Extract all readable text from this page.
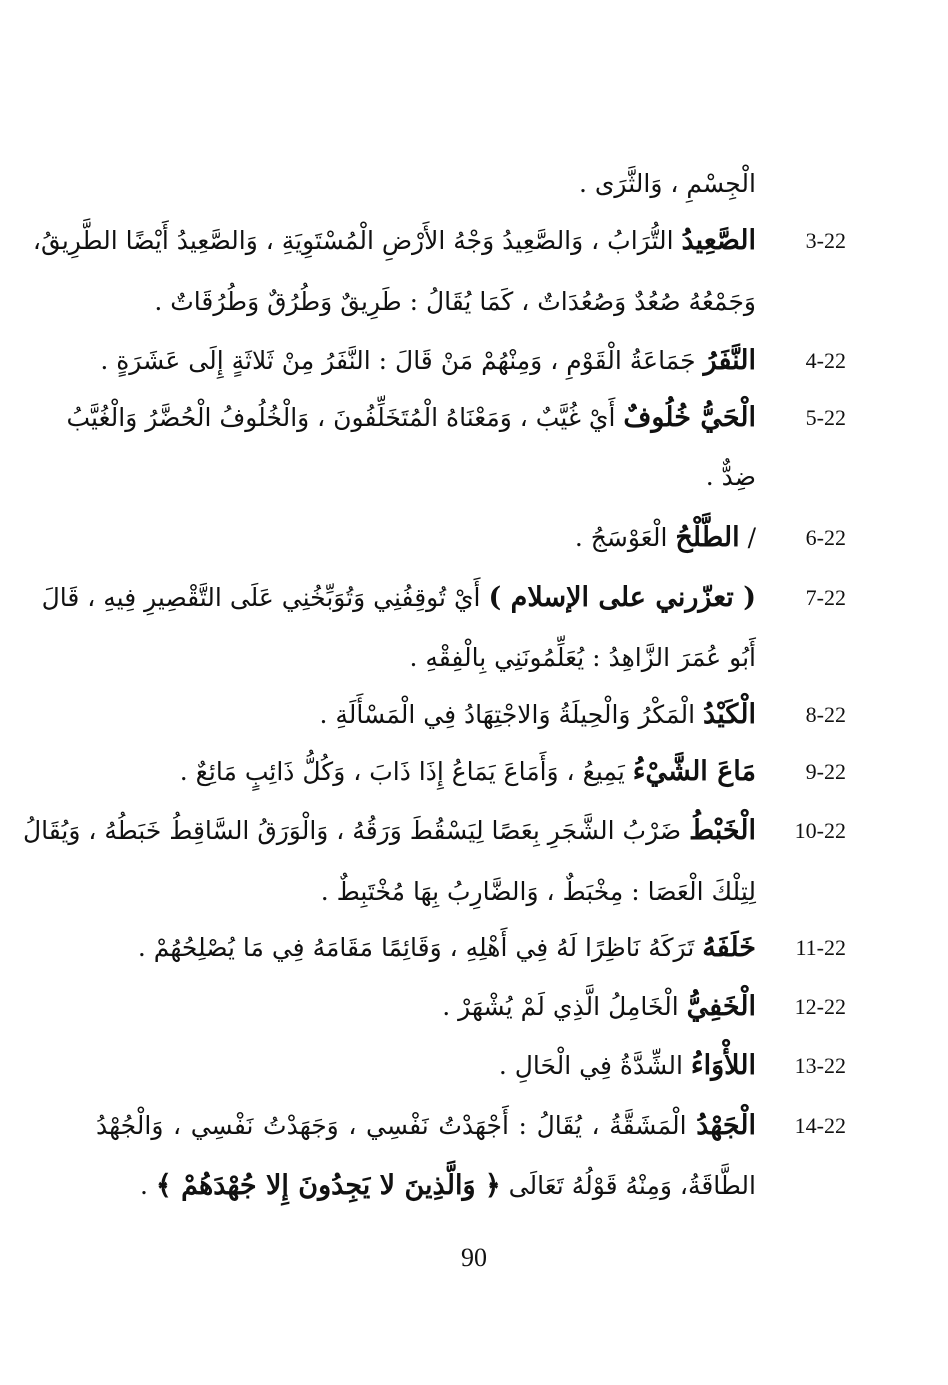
الْجِسْمِ ، وَالثَّرَى .
3-22
الصَّعِيدُ التُّرَابُ ، وَالصَّعِيدُ وَجْهُ الأَرْضِ الْمُسْتَوِيَةِ ، وَالصَّعِيدُ أَيْضًا الطَّرِيقُ،
وَجَمْعُهُ صُعُدٌ وَصُعُدَاتٌ ، كَمَا يُقَالُ : طَرِيقٌ وَطُرُقٌ وَطُرُقَاتٌ .
4-22
النَّفَرُ جَمَاعَةُ الْقَوْمِ ، وَمِنْهُمْ مَنْ قَالَ : النَّفَرُ مِنْ ثَلاثَةٍ إِلَى عَشَرَةٍ .
5-22
الْحَيُّ خُلُوفٌ أَيْ غُيَّبٌ ، وَمَعْنَاهُ الْمُتَخَلِّفُونَ ، وَالْخُلُوفُ الْحُضَّرُ وَالْغُيَّبُ
ضِدٌّ .
6-22
/ الطَّلْحُ الْعَوْسَجُ .
7-22
( تعزّرني على الإسلام ) أَيْ تُوقِفُنِي وَتُوَبِّخُنِي عَلَى التَّقْصِيرِ فِيهِ ، قَالَ
أَبُو عُمَرَ الزَّاهِدُ : يُعَلِّمُونَنِي بِالْفِقْهِ .
8-22
الْكَيْدُ الْمَكْرُ وَالْحِيلَةُ وَالاجْتِهَادُ فِي الْمَسْأَلَةِ .
9-22
مَاعَ الشَّيْءُ يَمِيعُ ، وَأَمَاعَ يَمَاعُ إِذَا ذَابَ ، وَكُلُّ ذَائِبٍ مَائِعٌ .
10-22
الْخَبْطُ ضَرْبُ الشَّجَرِ بِعَصًا لِيَسْقُطَ وَرَقُهُ ، وَالْوَرَقُ السَّاقِطُ خَبَطُهُ ، وَيُقَالُ
لِتِلْكَ الْعَصَا : مِخْبَطٌ ، وَالضَّارِبُ بِهَا مُخْتَبِطٌ .
11-22
خَلَفَهُ تَرَكَهُ نَاظِرًا لَهُ فِي أَهْلِهِ ، وَقَائِمًا مَقَامَهُ فِي مَا يُصْلِحُهُمْ .
12-22
الْخَفِيُّ الْخَامِلُ الَّذِي لَمْ يُشْهَرْ .
13-22
اللأْوَاءُ الشِّدَّةُ فِي الْحَالِ .
14-22
الْجَهْدُ الْمَشَقَّةُ ، يُقَالُ : أَجْهَدْتُ نَفْسِي ، وَجَهَدْتُ نَفْسِي ، وَالْجُهْدُ
الطَّاقَةُ، وَمِنْهُ قَوْلُهُ تَعَالَى ﴿ وَالَّذِينَ لا يَجِدُونَ إِلا جُهْدَهُمْ ﴾ .
90
